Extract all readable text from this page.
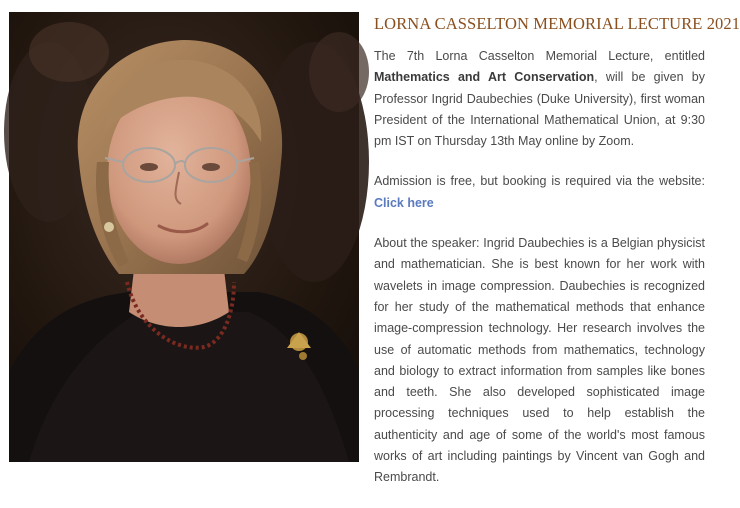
LORNA CASSELTON MEMORIAL LECTURE 2021

The 7th Lorna Casselton Memorial Lecture, entitled Mathematics and Art Conservation, will be given by Professor Ingrid Daubechies (Duke University), first woman President of the International Mathematical Union, at 9:30 pm IST on Thursday 13th May online by Zoom.

Admission is free, but booking is required via the website: Click here

About the speaker: Ingrid Daubechies is a Belgian physicist and mathematician. She is best known for her work with wavelets in image compression. Daubechies is recognized for her study of the mathematical methods that enhance image-compression technology. Her research involves the use of automatic methods from mathematics, technology and biology to extract information from samples like bones and teeth. She also developed sophisticated image processing techniques used to help establish the authenticity and age of some of the world's most famous works of art including paintings by Vincent van Gogh and Rembrandt.
